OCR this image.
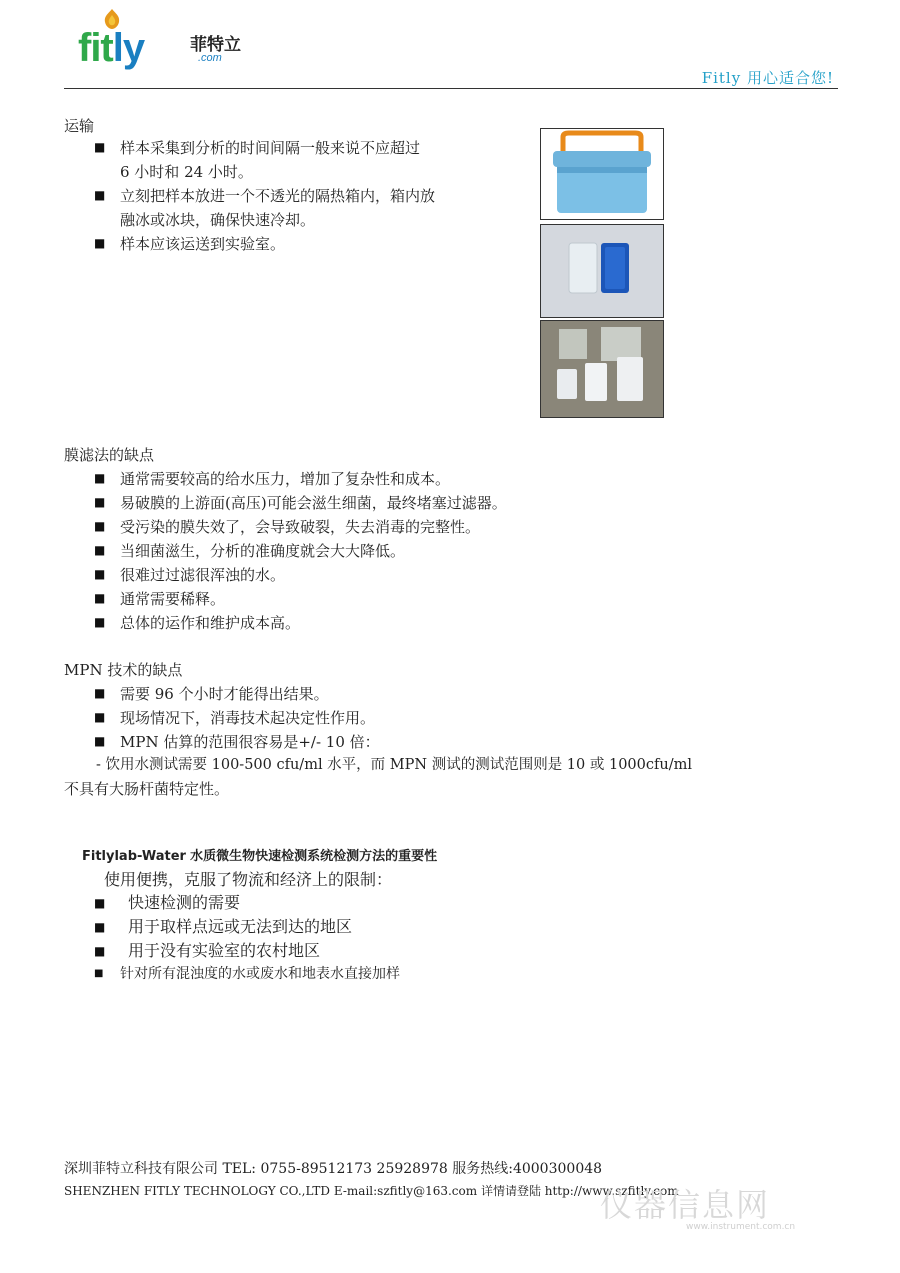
fitly	菲特立
.com
Fitly 用心适合您!
运输
■ 样本采集到分析的时间间隔一般来说不应超过
6 小时和 24 小时。
■ 立刻把样本放进一个不透光的隔热箱内，箱内放
融冰或冰块，确保快速冷却。
■ 样本应该运送到实验室。
膜滤法的缺点
■ 通常需要较高的给水压力，增加了复杂性和成本。
■ 易破膜的上游面(高压)可能会滋生细菌，最终堵塞过滤器。
■ 受污染的膜失效了，会导致破裂，失去消毒的完整性。
■ 当细菌滋生，分析的准确度就会大大降低。
■ 很难过过滤很浑浊的水。
■ 通常需要稀释。
■ 总体的运作和维护成本高。
MPN 技术的缺点
■ 需要 96 个小时才能得出结果。
■ 现场情况下，消毒技术起决定性作用。
■ MPN 估算的范围很容易是+/- 10 倍：
- 饮用水测试需要 100-500 cfu/ml 水平，而 MPN 测试的测试范围则是 10 或 1000cfu/ml
不具有大肠杆菌特定性。
Fitlylab-Water 水质微生物快速检测系统检测方法的重要性
使用便携，克服了物流和经济上的限制：
■ 快速检测的需要
■ 用于取样点远或无法到达的地区
■ 用于没有实验室的农村地区
■ 针对所有混浊度的水或废水和地表水直接加样
深圳菲特立科技有限公司 TEL: 0755-89512173 25928978 服务热线:4000300048
SHENZHEN FITLY TECHNOLOGY CO.,LTD E-mail:szfitly@163.com 详情请登陆 http://www.szfitly.com
仪器信息网
www.instrument.com.cn
